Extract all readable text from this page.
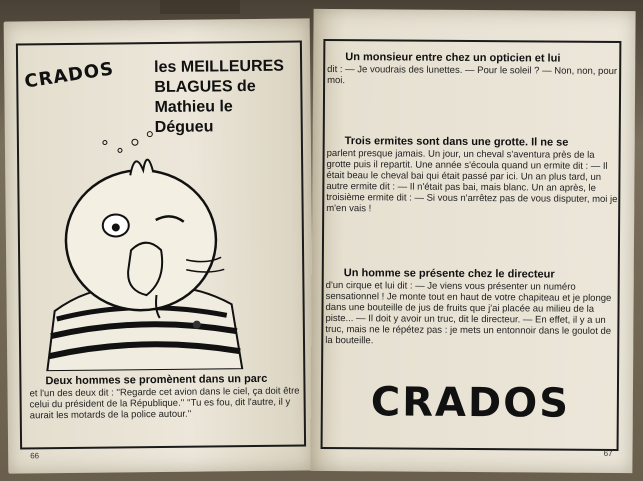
CRADOS les MEILLEURES BLAGUES de Mathieu le Dégueu
Deux hommes se promènent dans un parc
et l'un des deux dit : ''Regarde cet avion dans le ciel, ça doit être celui du président de la République.'' ''Tu es fou, dit l'autre, il y aurait les motards de la police autour.''
66
Un monsieur entre chez un opticien et lui
dit : — Je voudrais des lunettes. — Pour le soleil ? — Non, non, pour moi.
Trois ermites sont dans une grotte. Il ne se
parlent presque jamais. Un jour, un cheval s'aventura près de la grotte puis il repartit. Une année s'écoula quand un ermite dit : — Il était beau le cheval bai qui était passé par ici. Un an plus tard, un autre ermite dit : — Il n'était pas bai, mais blanc. Un an après, le troisième ermite dit : — Si vous n'arrêtez pas de vous disputer, moi je m'en vais !
Un homme se présente chez le directeur
d'un cirque et lui dit : — Je viens vous présenter un numéro sensationnel ! Je monte tout en haut de votre chapiteau et je plonge dans une bouteille de jus de fruits que j'ai placée au milieu de la piste... — Il doit y avoir un truc, dit le directeur. — En effet, il y a un truc, mais ne le répétez pas : je mets un entonnoir dans le goulot de la bouteille.
CRADOS
67
